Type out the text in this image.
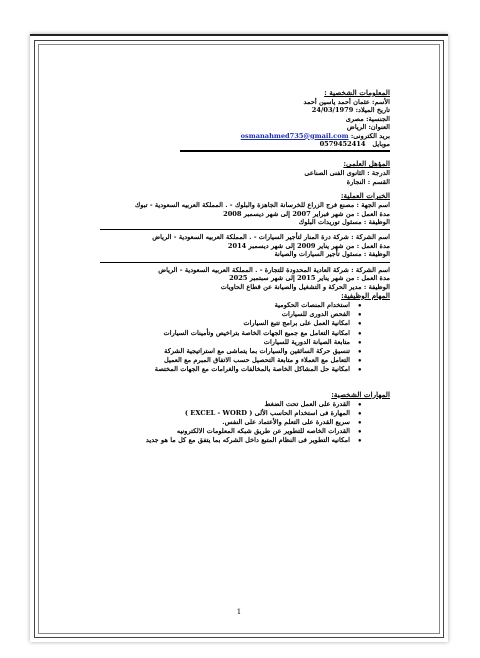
المعلومات الشخصية :
الأسم: عثمان أحمد ياسين أحمد
تاريخ الميلاد: 24/03/1979
الجنسية: مصرى
العنوان: الرياض
بريد الكترونى: osmanahmed735@gmail.com
موبايل   0579452414
المؤهل العلمى:
الدرجة : الثانوى الفنى الصناعى
القسم : النجارة
الخبرات العملية:
اسم الجهة : مصنع فرج الزراع للخرسانة الجاهزة والبلوك - . المملكة العربيه السعودية - تبوك
مدة العمل : من شهر فبراير 2007 إلى شهر ديسمبر 2008
الوظيفة : مسئول توريدات البلوك
اسم الشركة : شركة درة المنار لتأجير السيارات - . المملكة العربيه السعودية - الرياض
مدة العمل : من شهر يناير 2009 إلى شهر ديسمبر 2014
الوظيفة : مسئول تأجير السيارات والصيانة
اسم الشركة : شركة العادية المحدودة للتجارة - . المملكة العربيه السعودية - الرياض
مدة العمل : من شهر يناير 2015 إلى شهر سبتمبر 2025
الوظيفة : مدير الحركة و التشغيل والصيانة عن قطاع الحاويات
المهام الوظيفية:
• استخدام المنصات الحكومية
• الفحص الدورى للسيارات
• امكانية العمل على برامج تتبع السيارات
• امكانية التعامل مع جميع الجهات الخاصة بتراخيص وتأمينات السيارات
• متابعة الصيانة الدورية للسيارات
• تنسيق حركة السائقين والسيارات بما يتماشى مع استراتيجية الشركة
• التعامل مع العملاء و متابعة التحصيل حسب الاتفاق المبرم مع العميل
• امكانية حل المشاكل الخاصة بالمخالفات والغرامات مع الجهات المختصة
المهارات الشخصية:
• القدرة على العمل تحت الضغط
• المهارة فى استخدام الحاسب الألى ( EXCEL - WORD )
• سريع القدرة على التعلم والأعتماد على النفس.
• القدرات الخاصه للتطوير عن طريق شبكه المعلومات الالكترونيه
• امكانيه التطوير فى النظام المتبع داخل الشركه بما يتفق مع كل ما هو جديد
1
